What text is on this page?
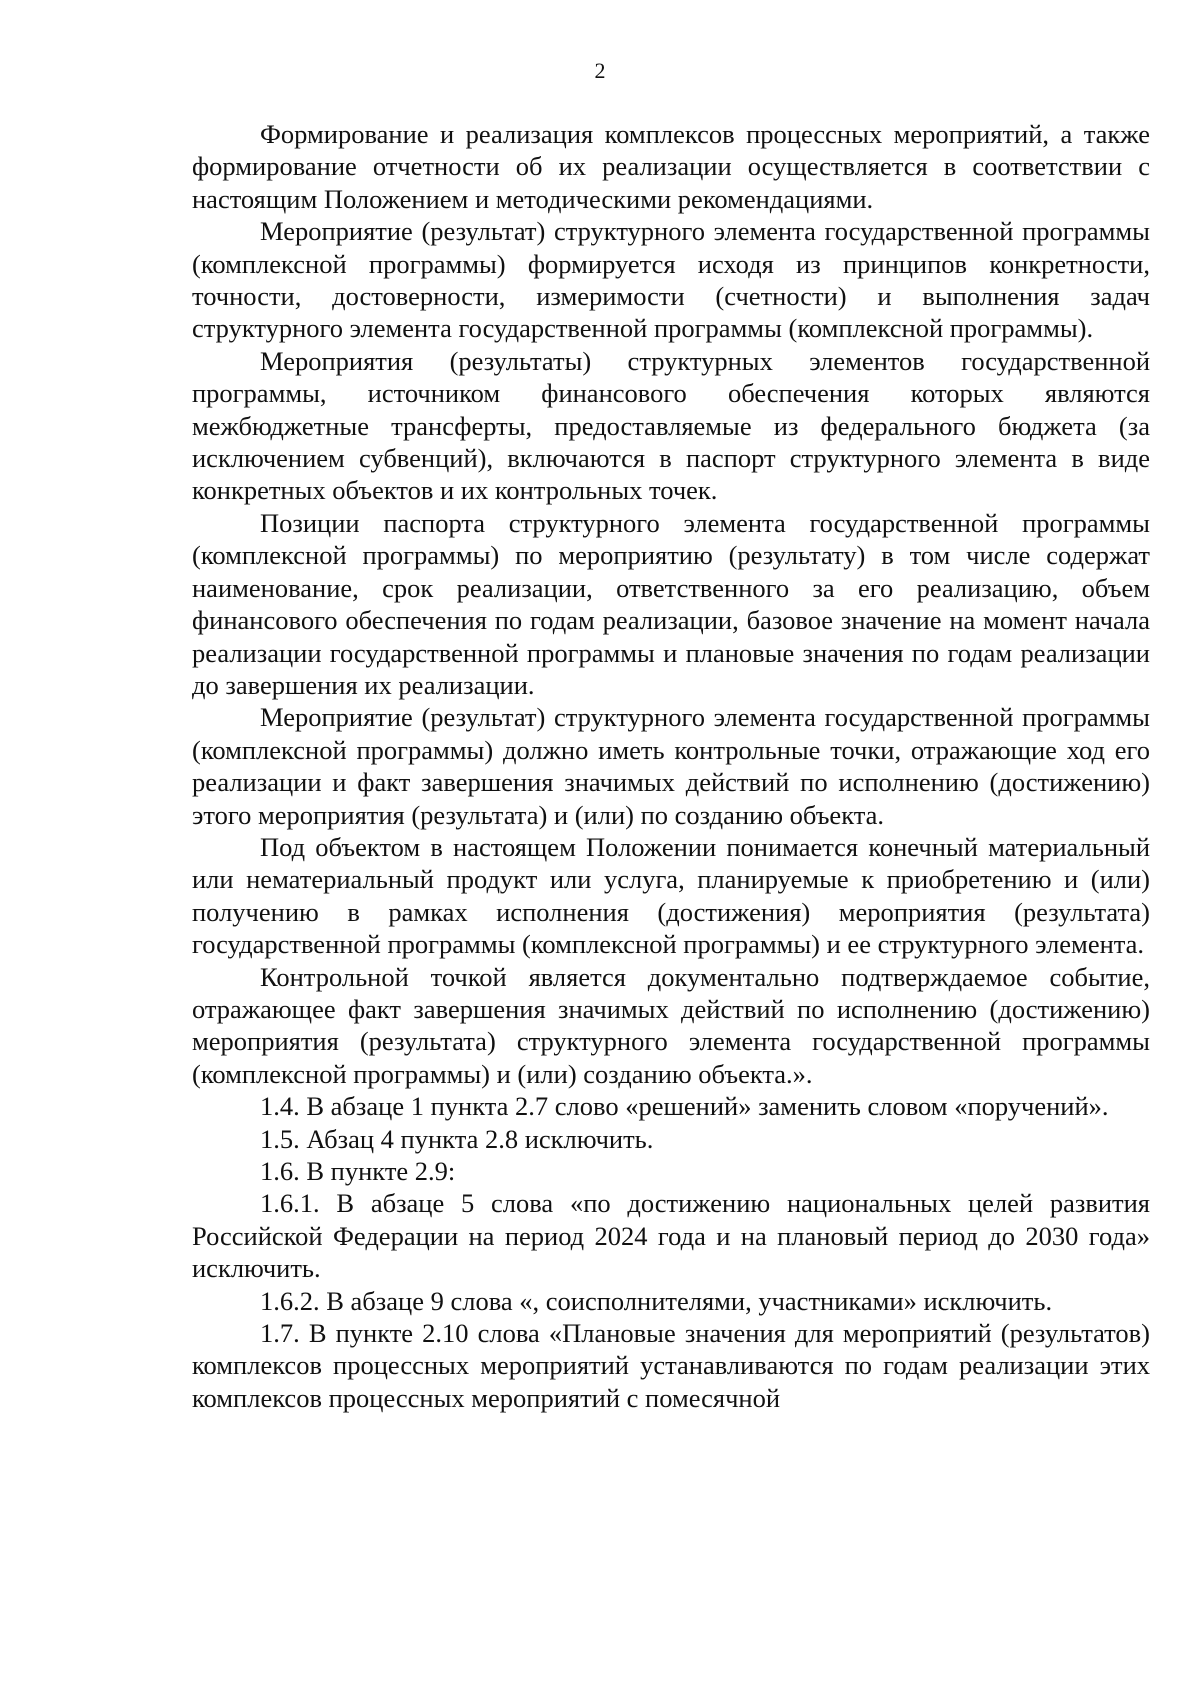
2

Формирование и реализация комплексов процессных мероприятий, а также формирование отчетности об их реализации осуществляется в соответствии с настоящим Положением и методическими рекомендациями.

Мероприятие (результат) структурного элемента государственной программы (комплексной программы) формируется исходя из принципов конкретности, точности, достоверности, измеримости (счетности) и выполнения задач структурного элемента государственной программы (комплексной программы).

Мероприятия (результаты) структурных элементов государственной программы, источником финансового обеспечения которых являются межбюджетные трансферты, предоставляемые из федерального бюджета (за исключением субвенций), включаются в паспорт структурного элемента в виде конкретных объектов и их контрольных точек.

Позиции паспорта структурного элемента государственной программы (комплексной программы) по мероприятию (результату) в том числе содержат наименование, срок реализации, ответственного за его реализацию, объем финансового обеспечения по годам реализации, базовое значение на момент начала реализации государственной программы и плановые значения по годам реализации до завершения их реализации.

Мероприятие (результат) структурного элемента государственной программы (комплексной программы) должно иметь контрольные точки, отражающие ход его реализации и факт завершения значимых действий по исполнению (достижению) этого мероприятия (результата) и (или) по созданию объекта.

Под объектом в настоящем Положении понимается конечный материальный или нематериальный продукт или услуга, планируемые к приобретению и (или) получению в рамках исполнения (достижения) мероприятия (результата) государственной программы (комплексной программы) и ее структурного элемента.

Контрольной точкой является документально подтверждаемое событие, отражающее факт завершения значимых действий по исполнению (достижению) мероприятия (результата) структурного элемента государственной программы (комплексной программы) и (или) созданию объекта.».

1.4. В абзаце 1 пункта 2.7 слово «решений» заменить словом «поручений».

1.5. Абзац 4 пункта 2.8 исключить.

1.6. В пункте 2.9:

1.6.1. В абзаце 5 слова «по достижению национальных целей развития Российской Федерации на период 2024 года и на плановый период до 2030 года» исключить.

1.6.2. В абзаце 9 слова «, соисполнителями, участниками» исключить.

1.7. В пункте 2.10 слова «Плановые значения для мероприятий (результатов) комплексов процессных мероприятий устанавливаются по годам реализации этих комплексов процессных мероприятий с помесячной
